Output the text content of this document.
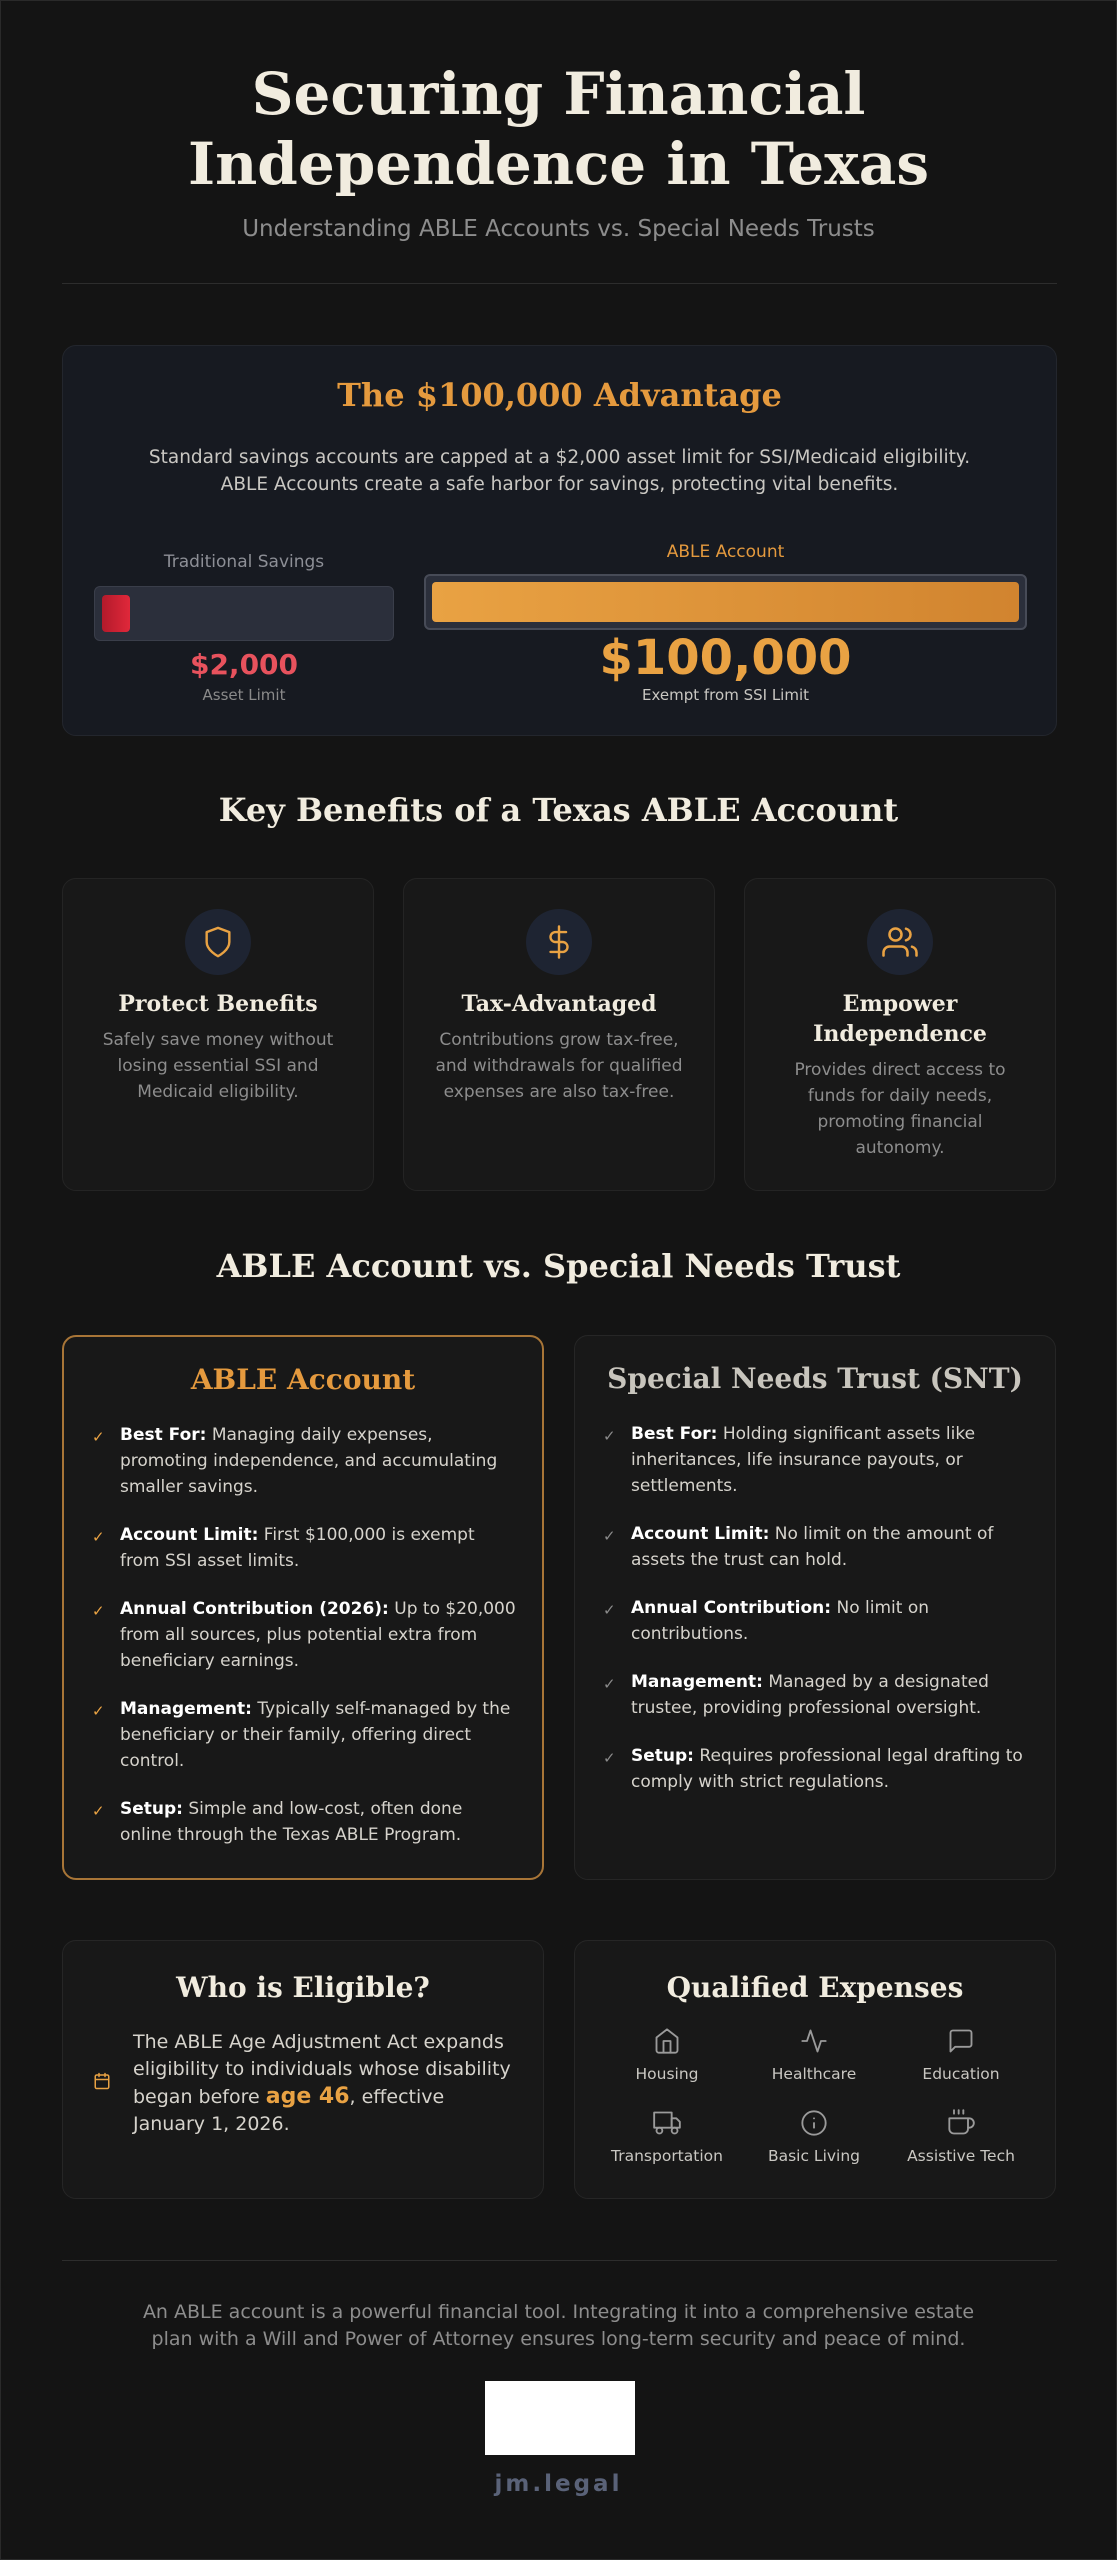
Securing Financial Independence in Texas
Understanding ABLE Accounts vs. Special Needs Trusts
The $100,000 Advantage

Standard savings accounts are capped at a $2,000 asset limit for SSI/Medicaid eligibility. ABLE Accounts create a safe harbor for savings, protecting vital benefits.

Traditional Savings
$2,000
Asset Limit
ABLE Account
$100,000
Exempt from SSI Limit
Key Benefits of a Texas ABLE Account
Protect Benefits
Safely save money without losing essential SSI and Medicaid eligibility.
Tax-Advantaged
Contributions grow tax-free, and withdrawals for qualified expenses are also tax-free.
Empower Independence
Provides direct access to funds for daily needs, promoting financial autonomy.
ABLE Account vs. Special Needs Trust
ABLE Account
✓ Best For: Managing daily expenses, promoting independence, and accumulating smaller savings.
✓ Account Limit: First $100,000 is exempt from SSI asset limits.
✓ Annual Contribution (2026): Up to $20,000 from all sources, plus potential extra from beneficiary earnings.
✓ Management: Typically self-managed by the beneficiary or their family, offering direct control.
✓ Setup: Simple and low-cost, often done online through the Texas ABLE Program.
Special Needs Trust (SNT)
✓ Best For: Holding significant assets like inheritances, life insurance payouts, or settlements.
✓ Account Limit: No limit on the amount of assets the trust can hold.
✓ Annual Contribution: No limit on contributions.
✓ Management: Managed by a designated trustee, providing professional oversight.
✓ Setup: Requires professional legal drafting to comply with strict regulations.
Who is Eligible?

The ABLE Age Adjustment Act expands eligibility to individuals whose disability began before age 46, effective January 1, 2026.

Qualified Expenses
Housing	Healthcare	Education
Transportation	Basic Living	Assistive Tech

An ABLE account is a powerful financial tool. Integrating it into a comprehensive estate plan with a Will and Power of Attorney ensures long-term security and peace of mind.

jm.legal
